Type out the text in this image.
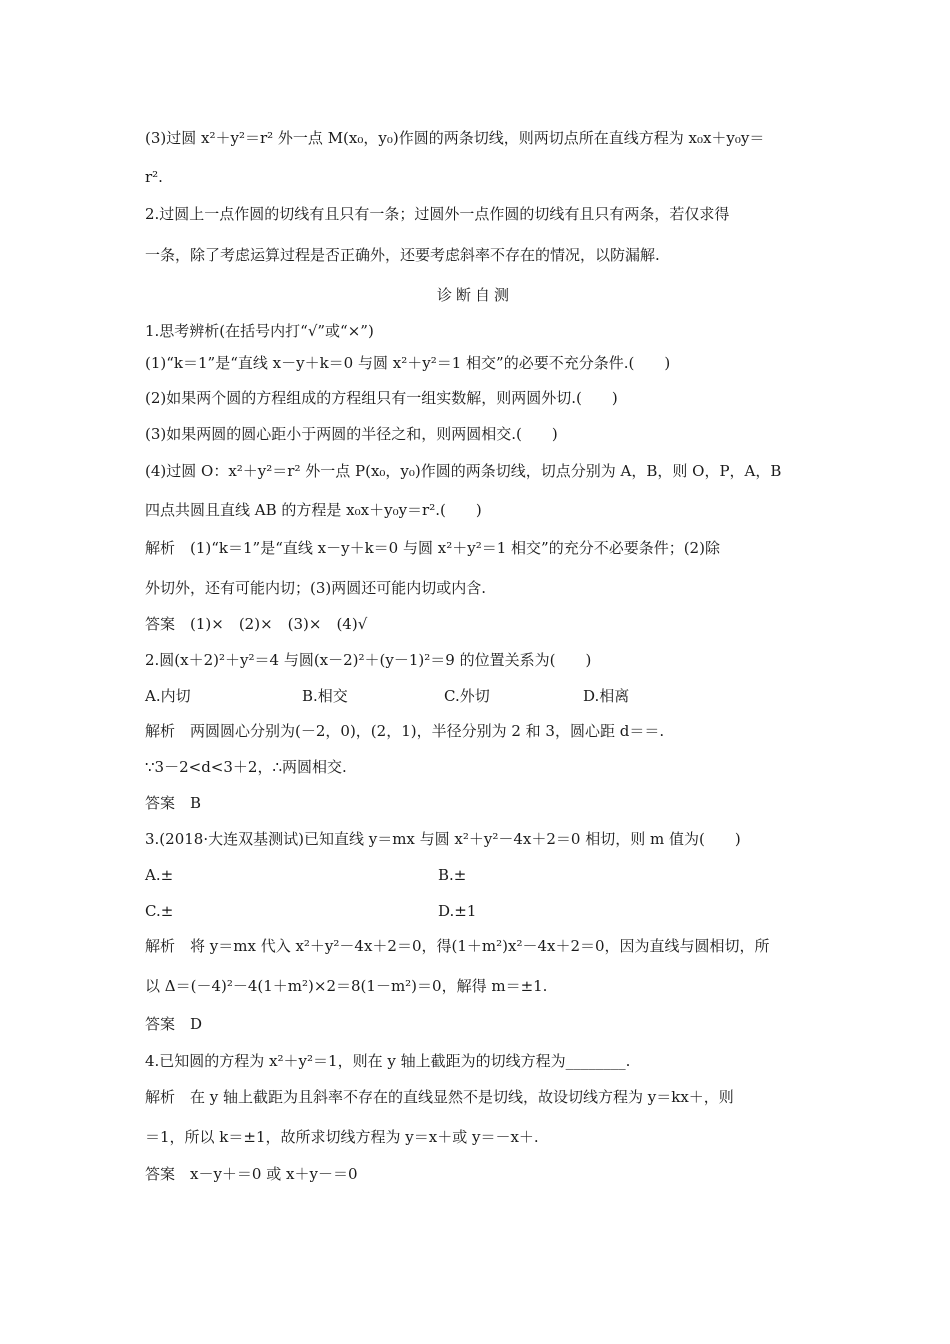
(3)过圆 x²＋y²＝r² 外一点 M(x₀，y₀)作圆的两条切线，则两切点所在直线方程为 x₀x＋y₀y＝
r².
2.过圆上一点作圆的切线有且只有一条；过圆外一点作圆的切线有且只有两条，若仅求得
一条，除了考虑运算过程是否正确外，还要考虑斜率不存在的情况，以防漏解.
1.思考辨析(在括号内打“√”或“×”)
(1)“k＝1”是“直线 x－y＋k＝0 与圆 x²＋y²＝1 相交”的必要不充分条件.(　　)
(2)如果两个圆的方程组成的方程组只有一组实数解，则两圆外切.(　　)
(3)如果两圆的圆心距小于两圆的半径之和，则两圆相交.(　　)
(4)过圆 O：x²＋y²＝r² 外一点 P(x₀，y₀)作圆的两条切线，切点分别为 A，B，则 O，P，A，B
四点共圆且直线 AB 的方程是 x₀x＋y₀y＝r².(　　)
解析　(1)“k＝1”是“直线 x－y＋k＝0 与圆 x²＋y²＝1 相交”的充分不必要条件；(2)除
外切外，还有可能内切；(3)两圆还可能内切或内含.
答案　(1)×　(2)×　(3)×　(4)√
2.圆(x＋2)²＋y²＝4 与圆(x－2)²＋(y－1)²＝9 的位置关系为(　　)
解析　两圆圆心分别为(－2，0)，(2，1)，半径分别为 2 和 3，圆心距 d＝＝.
∵3－2<d<3＋2，∴两圆相交.
答案　B
3.(2018·大连双基测试)已知直线 y＝mx 与圆 x²＋y²－4x＋2＝0 相切，则 m 值为(　　)
解析　将 y＝mx 代入 x²＋y²－4x＋2＝0，得(1＋m²)x²－4x＋2＝0，因为直线与圆相切，所
以 Δ＝(－4)²－4(1＋m²)×2＝8(1－m²)＝0，解得 m＝±1.
答案　D
4.已知圆的方程为 x²＋y²＝1，则在 y 轴上截距为的切线方程为________.
解析　在 y 轴上截距为且斜率不存在的直线显然不是切线，故设切线方程为 y＝kx＋，则
＝1，所以 k＝±1，故所求切线方程为 y＝x＋或 y＝－x＋.
答案　x－y＋＝0 或 x＋y－＝0
诊断自测
A.内切	B.相交	C.外切	D.相离
A.±	B.±
C.±	D.±1
